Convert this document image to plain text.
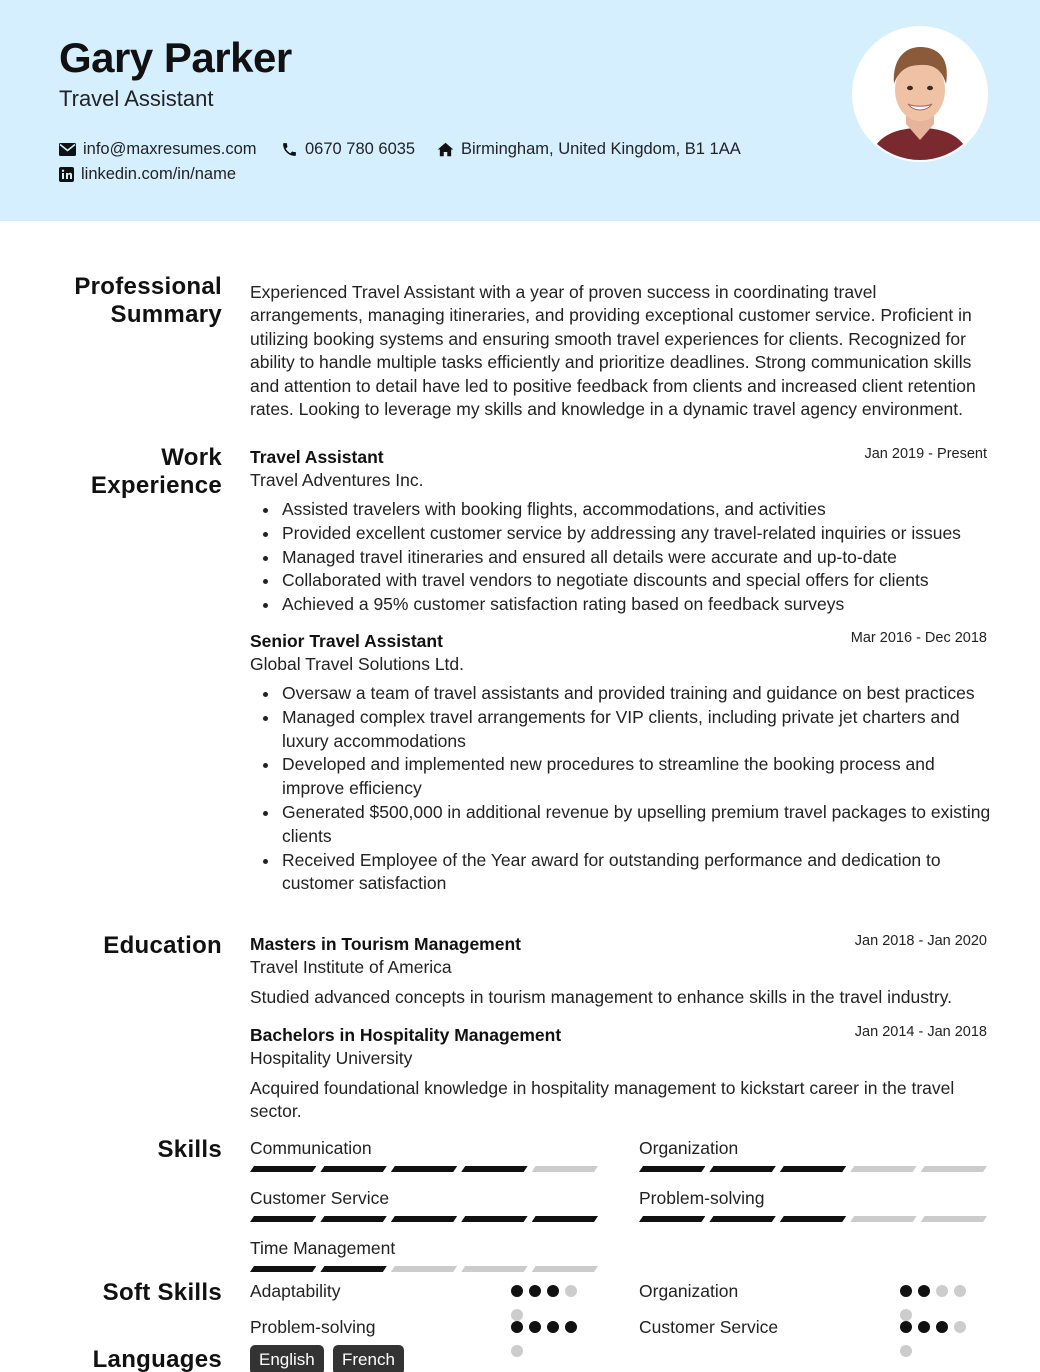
Gary Parker
Travel Assistant
info@maxresumes.com	0670 780 6035	Birmingham, United Kingdom, B1 1AA
linkedin.com/in/name
Professional
Summary
Experienced Travel Assistant with a year of proven success in coordinating travel arrangements, managing itineraries, and providing exceptional customer service. Proficient in utilizing booking systems and ensuring smooth travel experiences for clients. Recognized for ability to handle multiple tasks efficiently and prioritize deadlines. Strong communication skills and attention to detail have led to positive feedback from clients and increased client retention rates. Looking to leverage my skills and knowledge in a dynamic travel agency environment.
Work
Experience
Travel Assistant	Jan 2019 - Present
Travel Adventures Inc.
Assisted travelers with booking flights, accommodations, and activities
Provided excellent customer service by addressing any travel-related inquiries or issues
Managed travel itineraries and ensured all details were accurate and up-to-date
Collaborated with travel vendors to negotiate discounts and special offers for clients
Achieved a 95% customer satisfaction rating based on feedback surveys
Senior Travel Assistant	Mar 2016 - Dec 2018
Global Travel Solutions Ltd.
Oversaw a team of travel assistants and provided training and guidance on best practices
Managed complex travel arrangements for VIP clients, including private jet charters and luxury accommodations
Developed and implemented new procedures to streamline the booking process and improve efficiency
Generated $500,000 in additional revenue by upselling premium travel packages to existing clients
Received Employee of the Year award for outstanding performance and dedication to customer satisfaction
Education Masters in Tourism Management	Jan 2018 - Jan 2020
Travel Institute of America
Studied advanced concepts in tourism management to enhance skills in the travel industry.
Bachelors in Hospitality Management	Jan 2014 - Jan 2018
Hospitality University
Acquired foundational knowledge in hospitality management to kickstart career in the travel sector.
Skills Communication	Organization
Customer Service	Problem-solving
Time Management
Soft Skills Adaptability	Organization
Problem-solving	Customer Service
Languages	English	French
